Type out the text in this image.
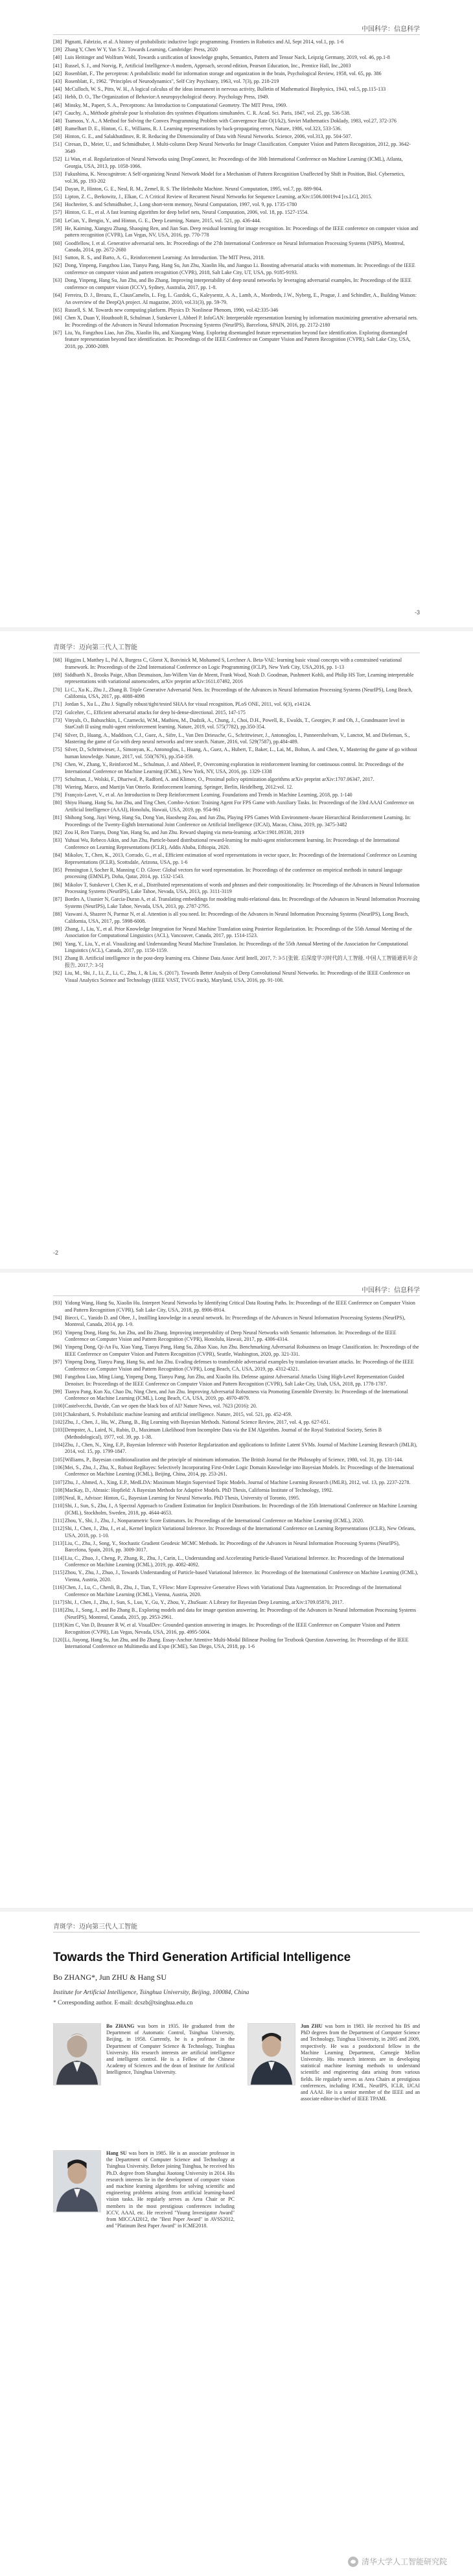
中国科学：信息科学
[38] Pignatti, Fabrizio, et al. A history of probabilistic inductive logic programming. Frontiers in Robotics and AI, Sept 2014, vol.1, pp. 1-6
[39] Zhang Y, Chen W Y, Yan S Z. Towards Learning, Cambridge: Press, 2020
[40] Luis Heitinger and Wolfram Wohl, Towards a unification of knowledge graphs, Semantics, Pattern and Tensor Nack, Leipzig Germany, 2019, vol. 46, pp.1-8
[41] Russel, S. J., and Norvig, P., Artificial Intelligence-A modern, Approach, second edition, Pearson Education, Inc., Prentice Hall, Inc.,2003
[42] Rosenblatt, F., The perceptron: A probabilistic model for information storage and organization in the brain, Psychological Review, 1958, vol. 65, pp. 386
[43] Rosenblatt, F., 1962. "Principles of Neurodynamics", Self Ciry Psychiatry, 1963, vol. 7(3), pp. 218-219
[44] McCulloch, W. S., Pitts, W. H., A logical calculus of the ideas immanent in nervous activity, Bulletin of Mathematical Biophysics, 1943, vol.5, pp.115-133
[45] Hebb, D. O., The Organization of Behavior:A neuropsychological theory. Psychology Press, 1949.
[46] Minsky, M., Papert, S. A., Perceptrons: An Introduction to Computational Geometry. The MIT Press, 1969.
[47] Cauchy, A., Méthode générale pour la résolution des systèmes d'équations simultanées. C. R. Acad. Sci. Paris, 1847, vol. 25, pp. 536-538.
[48] Tsamoos, Y. A., A Method for Solving the Convex Programming Problem with Convergence Rate O(1/k2), Soviet Mathematics Doklady, 1983, vol.27, 372-376
[49] Rumelhart D. E., Hinton, G. E., Williams, R. J. Learning representations by back-propagating errors, Nature, 1986, vol.323, 533-536.
[50] Hinton, G. E., and Salakhutdinov, R. R. Reducing the Dimensionality of Data with Neural Networks. Science, 2006, vol.313, pp. 504-507.
[51] Ciresan, D., Meier, U., and Schmidhuber, J. Multi-column Deep Neural Networks for Image Classification. Computer Vision and Pattern Recognition, 2012, pp. 3642-3649
[52] Li Wan, et al. Regularization of Neural Networks using DropConnect, In: Proceedings of the 30th International Conference on Machine Learning (ICML), Atlanta, Georgia, USA, 2013, pp. 1058-1066.
[53] Fukushima, K. Neocognitron: A Self-organizing Neural Network Model for a Mechanism of Pattern Recognition Unaffected by Shift in Position, Biol. Cybernetics, vol.36, pp. 193-202
[54] Dayan, P., Hinton, G. E., Neal, R. M., Zemel, R. S. The Helmholtz Machine. Neural Computation, 1995, vol.7, pp. 889-904.
[55] Lipton, Z. C., Berkowitz, J., Elkan, C. A Critical Review of Recurrent Neural Networks for Sequence Learning, arXiv:1506.00019v4 [cs.LG], 2015.
[56] Hochreiter, S. and Schmidhuber, J., Long short-term memory, Neural Computation, 1997, vol. 9, pp. 1735-1780
[57] Hinton, G. E., et al. A fast learning algorithm for deep belief nets, Neural Computation, 2006, vol. 18, pp. 1527-1554.
[58] LeCun, Y., Bengio, Y., and Hinton, G. E., Deep Learning, Nature, 2015, vol. 521, pp. 436-444.
[59] He, Kaiming, Xiangyu Zhang, Shaoqing Ren, and Jian Sun. Deep residual learning for image recognition. In: Proceedings of the IEEE conference on computer vision and pattern recognition (CVPR), Las Vegas, NV, USA, 2016, pp. 770-778
[60] Goodfellow, I. et al. Generative adversarial nets. In: Proceedings of the 27th International Conference on Neural Information Processing Systems (NIPS), Montreal, Canada, 2014, pp. 2672-2680
[61] Sutton, R. S., and Barto, A. G., Reinforcement Learning: An Introduction. The MIT Press, 2018.
[62] Dong, Yinpeng, Fangzhou Liao, Tianyu Pang, Hang Su, Jun Zhu, Xiaolin Hu, and Jianguo Li. Boosting adversarial attacks with momentum. In: Proceedings of the IEEE conference on computer vision and pattern recognition (CVPR), 2018, Salt Lake City, UT, USA, pp. 9185-9193.
[63] Dong, Yinpeng, Hang Su, Jun Zhu, and Bo Zhang. Improving interpretability of deep neural networks by leveraging adversarial examples, In: Proceedings of the IEEE conference on computer vision (ICCV), Sydney, Australia, 2017, pp. 1-8.
[64] Ferreira, D. J., Breazu, E., ClausCamelis, L. Feg, L. Gazdok, G., Kaleysentz, A. A., Lamb, A., Mordreds, J.W., Nyberg, E., Prague, J. and Schindler, A., Building Watson: An overview of the DeepQA project. AI magazine, 2010, vol.31(3), pp. 59-79.
[65] Russell, S. M. Towards new computing platform. Physics D: Nonlinear Phenom, 1990, vol.42:335-346
[66] Chen X, Duan Y, Houthooft R, Schulman J, Sutskever I, Abbeel P. InfoGAN: Interpretable representation learning by information maximizing generative adversarial nets. In: Proceedings of the Advances in Neural Information Processing Systems (NeurIPS), Barcelona, SPAIN, 2016, pp. 2172-2180
[67] Liu, Yu, Fangzhou Liao, Jun Zhu, Xiaolin Hu, and Xiaogang Wang. Exploring disentangled feature representation beyond face identification. Exploring disentangled feature representation beyond face identification. In: Proceedings of the IEEE Conference on Computer Vision and Pattern Recognition (CVPR), Salt Lake City, USA, 2018, pp. 2080-2089.
-3
青斑学：迈向第三代人工智能
[68] Higgins I, Matthey L, Pal A, Burgess C, Glorot X, Botvinick M, Mohamed S, Lerchner A. Beta-VAE: learning basic visual concepts with a constrained variational framework. In: Proceedings of the 22nd International Conference on Logic Programming (ICLP), New York City, USA,2016, pp. 1-13
[69] Siddharth N., Brooks Paige, Alban Desmaison, Jan-Willem Van de Meent, Frank Wood, Noah D. Goodman, Pushmeet Kohli, and Philip HS Torr, Learning interpretable representations with variational autoencoders, arXiv preprint arXiv:1611.07492, 2016
[70] Li C., Xu K., Zhu J., Zhang B. Triple Generative Adversarial Nets. In: Proceedings of the Advances in Neural Information Processing Systems (NeurIPS), Long Beach, California, USA, 2017, pp. 4088-4098
[71] Jordan S., Xu L., Zhu J. Signally robust/tight/tested SHAA for visual recognition, PLoS ONE, 2011, vol. 6(3), e14124.
[72] Gulcehre, C., Efficient adversarial attacks for deep bi-dense-directional. 2015, 147-175
[73] Vinyals, O., Babuschkin, I., Czarnecki, W.M., Mathieu, M., Dudzik, A., Chung, J., Choi, D.H., Powell, R., Ewalds, T., Georgiev, P. and Oh, J., Grandmaster level in StarCraft II using multi-agent reinforcement learning. Nature, 2019, vol. 575(7782), pp.350-354.
[74] Silver, D., Huang, A., Maddison, C.J., Guez, A., Sifre, L., Van Den Driessche, G., Schrittwieser, J., Antonoglou, I., Panneershelvam, V., Lanctot, M. and Dieleman, S., Mastering the game of Go with deep neural networks and tree search. Nature, 2016, vol. 529(7587), pp.484-489.
[75] Silver, D., Schrittwieser, J., Simonyan, K., Antonoglou, I., Huang, A., Guez, A., Hubert, T., Baker, L., Lai, M., Bolton, A. and Chen, Y., Mastering the game of go without human knowledge. Nature, 2017, vol. 550(7676), pp.354-359.
[76] Chen, W., Zhang, Y., Reinforced M.., Schulman, J. and Abbeel, P., Overcoming exploration in reinforcement learning for continuous control. In: Proceedings of the International Conference on Machine Learning (ICML), New York, NY, USA, 2016, pp. 1329-1338
[77] Schulman, J., Wolski, F., Dhariwal, P., Radford, A. and Klimov, O., Proximal policy optimization algorithms arXiv preprint arXiv:1707.06347, 2017.
[78] Wiering, Marco, and Martijn Van Otterlo. Reinforcement learning. Springer, Berlin, Heidelberg, 2012:vol. 12.
[79] François-Lavet, V., et al. An Introduction to Deep Reinforcement Learning. Foundations and Trends in Machine Learning, 2018, pp. 1-140
[80] Shiyu Huang, Hang Su, Jun Zhu, and Ting Chen, Combo-Action: Training Agent For FPS Game with Auxiliary Tasks. In: Proceedings of the 33rd AAAI Conference on Artificial Intelligence (AAAI), Honolulu, Hawaii, USA, 2019, pp. 954-961
[81] Shihong Song, Jiayi Weng, Hang Su, Dong Yan, Haosheng Zou, and Jun Zhu, Playing FPS Games With Environment-Aware Hierarchical Reinforcement Learning. In: Proceedings of the Twenty-Eighth International Joint Conference on Artificial Intelligence (IJCAI), Macao, China, 2019, pp. 3475-3482
[82] Zou H, Ren Tianyu, Dong Yan, Hang Su, and Jun Zhu. Reward shaping via meta-learning. arXiv:1901.09330, 2019
[83] Yuhuai Wu, Rebeco Aikin, and Jun Zhu, Particle-based distributional reward-learning for multi-agent reinforcement learning. In: Proceedings of the International Conference on Learning Representations (ICLR), Addis Ababa, Ethiopia, 2020.
[84] Mikolov, T., Chen, K., 2013, Corrado, G., et al., Efficient estimation of word representations in vector space, In: Proceedings of the International Conference on Learning Representations (ICLR), Scottsdale, Arizona, USA, pp. 1-6
[85] Pennington J, Socher R, Manning C D. Glove: Global vectors for word representation. In: Proceedings of the conference on empirical methods in natural language processing (EMNLP), Doha, Qatar, 2014, pp. 1532-1543.
[86] Mikolov T, Sutskever I, Chen K, et al., Distributed representations of words and phrases and their compositionality. In: Proceedings of the Advances in Neural Information Processing Systems (NeurIPS), Lake Tahoe, Nevada, USA, 2013, pp. 3111-3119
[87] Bordes A, Usunier N, Garcia-Duran A, et al. Translating embeddings for modeling multi-relational data. In: Proceedings of the Advances in Neural Information Processing Systems (NeurIPS), Lake Tahoe, Nevada, USA, 2013, pp. 2787-2795.
[88] Vaswani A, Shazeer N, Parmar N, et al. Attention is all you need. In: Proceedings of the Advances in Neural Information Processing Systems (NeurIPS), Long Beach, California, USA, 2017, pp. 5998-6008.
[89] Zhang, J., Liu, Y., et al. Prior Knowledge Integration for Neural Machine Translation using Posterior Regularization. In: Proceedings of the 55th Annual Meeting of the Association for Computational Linguistics (ACL), Vancouver, Canada, 2017, pp. 1514-1523.
[90] Yang, Y., Liu, Y., et al. Visualizing and Understanding Neural Machine Translation. In: Proceedings of the 55th Annual Meeting of the Association for Computational Linguistics (ACL), Canada, 2017, pp. 1150-1159.
[91] Zhang B. Artificial intelligence in the post-deep learning era. Chinese Data Assoc Artif Intell, 2017, 7: 3-5 [张钹. 后深度学习时代的人工智能. 中国人工智能通讯年会报告, 2017,7: 3-5]
[92] Liu, M., Shi, J., Li, Z., Li, C., Zhu, J., & Liu, S. (2017). Towards Better Analysis of Deep Convolutional Neural Networks. In: Proceedings of the IEEE Conference on Visual Analytics Science and Technology (IEEE VAST, TVCG track), Maryland, USA, 2016, pp. 91-100.
-2
中国科学：信息科学
[93] Yidong Wang, Hang Su, Xiaolin Hu. Interpret Neural Networks by Identifying Critical Data Routing Paths. In: Proceedings of the IEEE Conference on Computer Vision and Pattern Recognition (CVPR), Salt Lake City, USA, 2018, pp. 8906-8914.
[94] Biecci, C., Yanido D. and Obee, J., Instilling knowledge in a neural network. In: Proceedings of the Advances in Neural Information Processing Systems (NeurIPS), Montreal, Canada, 2014, pp. 1-9.
[95] Yinpeng Dong, Hang Su, Jun Zhu, and Bo Zhang. Improving interpretability of Deep Neural Networks with Semantic Information. In: Proceedings of the IEEE Conference on Computer Vision and Pattern Recognition (CVPR), Honolulu, Hawaii, 2017, pp. 4306-4314.
[96] Yinpeng Dong, Qi-An Fu, Xiao Yang, Tianyu Pang, Hang Su, Zihao Xiao, Jun Zhu. Benchmarking Adversarial Robustness on Image Classification. In: Proceedings of the IEEE Conference on Computer Vision and Pattern Recognition (CVPR), Seattle, Washington, 2020, pp. 321-331.
[97] Yinpeng Dong, Tianyu Pang, Hang Su, and Jun Zhu. Evading defenses to transferable adversarial examples by translation-invariant attacks. In: Proceedings of the IEEE Conference on Computer Vision and Pattern Recognition (CVPR), Long Beach, CA, USA, 2019, pp. 4312-4321.
[98] Fangzhou Liao, Ming Liang, Yinpeng Dong, Tianyu Pang, Jun Zhu, and Xiaolin Hu. Defense against Adversarial Attacks Using High-Level Representation Guided Denoiser. In: Proceedings of the IEEE Conference on Computer Vision and Pattern Recognition (CVPR), Salt Lake City, Utah, USA, 2018, pp. 1778-1787.
[99] Tianyu Pang, Kun Xu, Chao Du, Ning Chen, and Jun Zhu. Improving Adversarial Robustness via Promoting Ensemble Diversity. In: Proceedings of the International Conference on Machine Learning (ICML), Long Beach, CA, USA, 2019, pp. 4970-4979.
[100]Castelvecchi, Davide, Can we open the black box of AI? Nature News, vol. 7623 (2016): 20.
[101]Chakrabarti, S. Probabilistic machine learning and artificial intelligence. Nature, 2015, vol. 521, pp. 452-459.
[102]Zhu, J., Chen, J., Hu, W., Zhang, B., Big Learning with Bayesian Methods. National Science Review, 2017, vol. 4, pp. 627-651.
[103]Dempster, A., Laird, N., Rubin, D., Maximum Likelihood from Incomplete Data via the EM Algorithm. Journal of the Royal Statistical Society, Series B (Methodological), 1977, vol. 39, pp. 1-38.
[104]Zhu, J., Chen, N., Xing, E.P., Bayesian Inference with Posterior Regularization and applications to Infinite Latent SVMs. Journal of Machine Learning Research (JMLR), 2014, vol. 15, pp. 1799-1847.
[105]Williams, P., Bayesian conditionalization and the principle of minimum information. The British Journal for the Philosophy of Science, 1980, vol. 31, pp. 131-144.
[106]Mei, S., Zhu, J., Zhu, X., Robust RegBayes: Selectively Incorporating First-Order Logic Domain Knowledge into Bayesian Models. In: Proceedings of the International Conference on Machine Learning (ICML), Beijing, China, 2014, pp. 253-261.
[107]Zhu, J., Ahmed, A., Xing, E.P., MedLDA: Maximum Margin Supervised Topic Models. Journal of Machine Learning Research (JMLR), 2012, vol. 13, pp. 2237-2278.
[108]MacKay, D., Abrasic: Hopfield: A Bayesian Methods for Adaptive Models. PhD Thesis, California Institute of Technology, 1992.
[109]Neal, R., Advisor: Hinton, G., Bayesian Learning for Neural Networks. PhD Thesis, University of Toronto, 1995.
[110]Shi, J., Sun, S., Zhu, J., A Spectral Approach to Gradient Estimation for Implicit Distributions. In: Proceedings of the 35th International Conference on Machine Learning (ICML), Stockholm, Sweden, 2018, pp. 4644-4653.
[111]Zhou, Y., Shi, J., Zhu, J., Nonparametric Score Estimators. In: Proceedings of the International Conference on Machine Learning (ICML), 2020.
[112]Shi, J., Chen, J., Zhu, J., et al., Kernel Implicit Variational Inference. In: Proceedings of the International Conference on Learning Representations (ICLR), New Orleans, USA, 2018, pp. 1-10.
[113]Liu, C., Zhu, J., Song, Y., Stochastic Gradient Geodesic MCMC Methods. In: Proceedings of the Advances in Neural Information Processing Systems (NeurIPS), Barcelona, Spain, 2016, pp. 3009-3017.
[114]Liu, C., Zhuo, J., Cheng, P., Zhang, R., Zhu, J., Carin, L., Understanding and Accelerating Particle-Based Variational Inference. In: Proceedings of the International Conference on Machine Learning (ICML), 2019, pp. 4082-4092.
[115]Zhou, Y., Zhu, J., Zhuo, J., Towards Understanding of Particle-based Variational Inference. In: Proceedings of the International Conference on Machine Learning (ICML), Vienna, Austria, 2020.
[116]Chen, J., Lu, C., Chenli, B., Zhu, J., Tian, T., VFlow: More Expressive Generative Flows with Variational Data Augmentation. In: Proceedings of the International Conference on Machine Learning (ICML), Vienna, Austria, 2020.
[117]Shi, J., Chen, J., Zhu, J., Sun, S., Luo, Y., Gu, Y., Zhou, Y., ZhuSuan: A Library for Bayesian Deep Learning, arXiv:1709.05870, 2017.
[118]Zhu, J., Song, J., and Bo Zhang B., Exploring models and data for image question answering. In: Proceedings of the Advances in Neural Information Processing Systems (NeurIPS), Montreal, Canada, 2015, pp. 2953-2961.
[119]Kim C, Van D, Bruuner R W, et al. VisualDev: Grounded question answering in images. In: Proceedings of the IEEE Conference on Computer Vision and Pattern Recognition (CVPR), Las Vegas, Nevada, USA, 2016, pp. 4995-5004.
[120]Li, Jiayong, Hang Su, Jun Zhu, and Bo Zhang. Essay-Anchor Attentive Multi-Modal Bilinear Pooling for Textbook Question Answering. In: Proceedings of the IEEE International Conference on Multimedia and Expo (ICME), San Diego, USA, 2018, pp. 1-6
青斑学：迈向第三代人工智能
Towards the Third Generation Artificial Intelligence
Bo ZHANG*, Jun ZHU & Hang SU
Institute for Artificial Intelligence, Tsinghua University, Beijing, 100084, China
* Corresponding author. E-mail: dcszb@tsinghua.edu.cn
Bo ZHANG was born in 1935. He graduated from the Department of Automatic Control, Tsinghua University, Beijing, in 1958. Currently, he is a professor in the Department of Computer Science & Technology, Tsinghua University. His research interests are artificial intelligence and intelligent control. He is a Fellow of the Chinese Academy of Sciences and the dean of Institute for Artificial Intelligence, Tsinghua University.
Jun ZHU was born in 1983. He received his BS and PhD degrees from the Department of Computer Science and Technology, Tsinghua University, in 2005 and 2009, respectively. He was a postdoctoral fellow in the Machine Learning Department, Carnegie Mellon University. His research interests are in developing statistical machine learning methods to understand scientific and engineering data arising from various fields. He regularly serves as Area Chairs at prestigious conferences, including ICML, NeurIPS, ICLR, IJCAI and AAAI. He is a senior member of the IEEE and an associate editor-in-chief of IEEE TPAMI.
Hang SU was born in 1985. He is an associate professor in the Department of Computer Science and Technology at Tsinghua University. Before joining Tsinghua, he received his Ph.D. degree from Shanghai Jiaotong University in 2014. His research interests lie in the development of computer vision and machine learning algorithms for solving scientific and engineering problems arising from artificial learning-based vision tasks. He regularly serves as Area Chair or PC members in the most prestigious conferences including ICCV, AAAI, etc. He received "Young Investigator Award" from MICCAI2012, the "Best Paper Award" in AVSS2012, and "Platinum Best Paper Award" in ICME2018.
清华大学人工智能研究院
